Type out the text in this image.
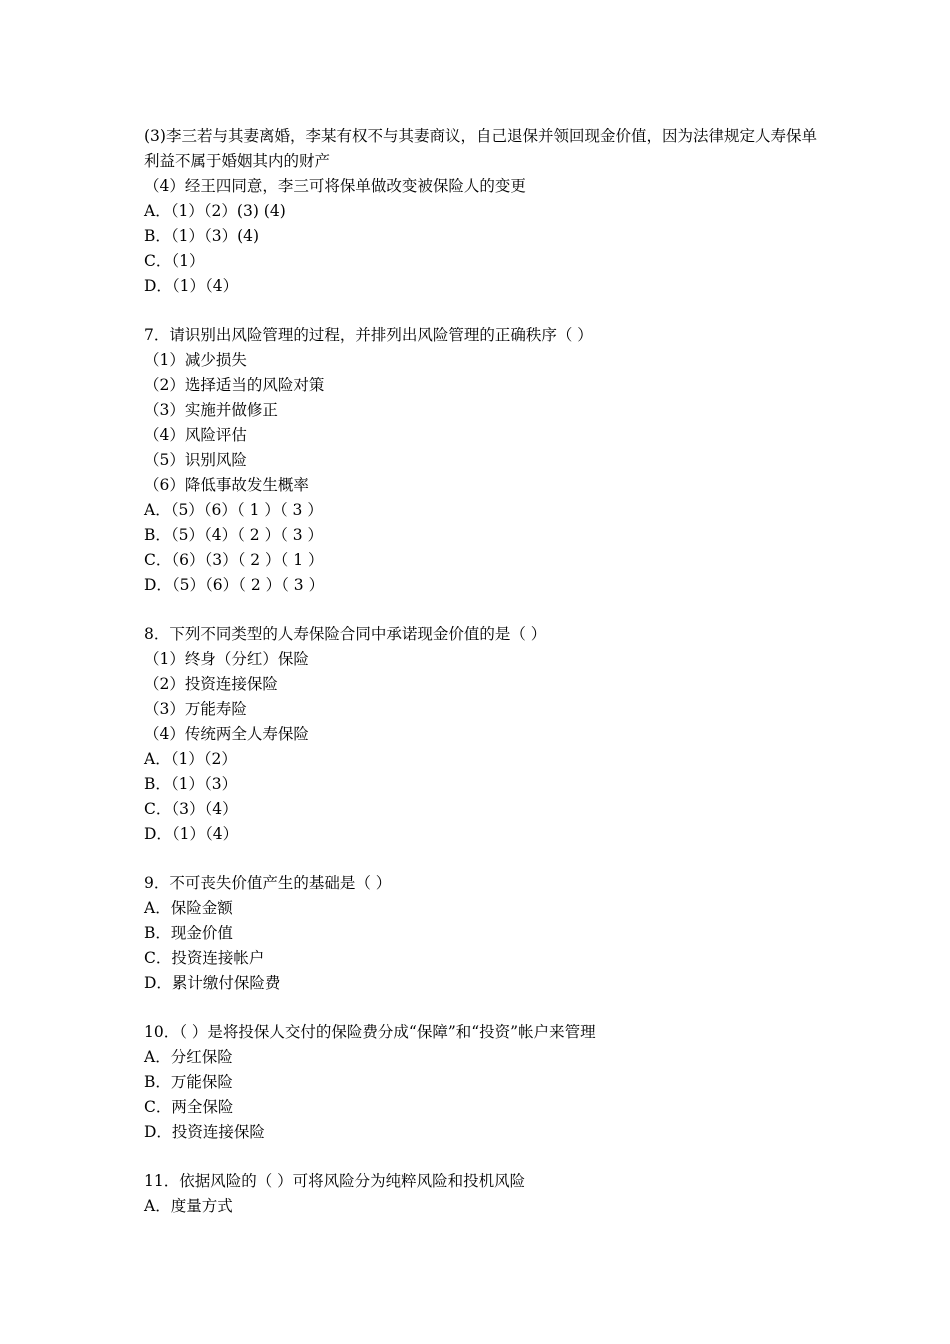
(3)李三若与其妻离婚，李某有权不与其妻商议，自己退保并领回现金价值，因为法律规定人寿保单利益不属于婚姻其内的财产
（4）经王四同意，李三可将保单做改变被保险人的变更
A．（1）（2）(3) (4)
B．（1）（3）(4)
C．（1）
D．（1）（4）
7．请识别出风险管理的过程，并排列出风险管理的正确秩序（ ）
（1）减少损失
（2）选择适当的风险对策
（3）实施并做修正
（4）风险评估
（5）识别风险
（6）降低事故发生概率
A．（5）（6）（ 1 ）（ 3 ）
B．（5）（4）（ 2 ）（ 3 ）
C．（6）（3）（ 2 ）（ 1 ）
D．（5）（6）（ 2 ）（ 3 ）
8．下列不同类型的人寿保险合同中承诺现金价值的是（ ）
（1）终身（分红）保险
（2）投资连接保险
（3）万能寿险
（4）传统两全人寿保险
A．（1）（2）
B．（1）（3）
C．（3）（4）
D．（1）（4）
9．不可丧失价值产生的基础是（ ）
A．保险金额
B．现金价值
C．投资连接帐户
D．累计缴付保险费
10．（ ）是将投保人交付的保险费分成“保障”和“投资”帐户来管理
A．分红保险
B．万能保险
C．两全保险
D．投资连接保险
11．依据风险的（ ）可将风险分为纯粹风险和投机风险
A．度量方式
